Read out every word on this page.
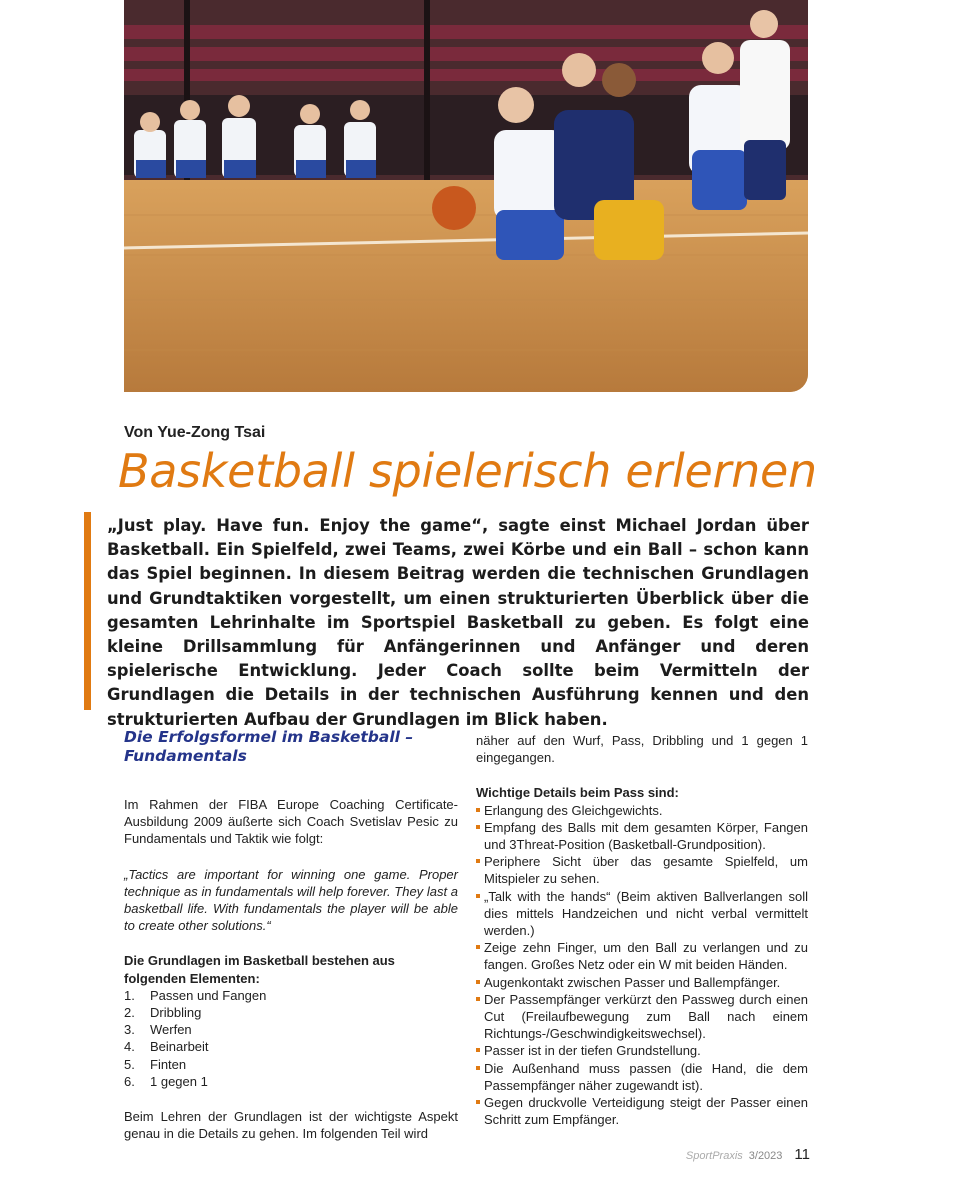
Von Yue-Zong Tsai
Basketball spielerisch erlernen
„Just play. Have fun. Enjoy the game“, sagte einst Michael Jordan über Basketball. Ein Spielfeld, zwei Teams, zwei Körbe und ein Ball – schon kann das Spiel beginnen. In diesem Beitrag werden die technischen Grundlagen und Grundtaktiken vorgestellt, um einen strukturierten Überblick über die gesamten Lehrinhalte im Sportspiel Basketball zu geben. Es folgt eine kleine Drillsammlung für Anfängerinnen und Anfänger und deren spielerische Entwicklung. Jeder Coach sollte beim Vermitteln der Grundlagen die Details in der technischen Ausführung kennen und den strukturierten Aufbau der Grundlagen im Blick haben.
Die Erfolgsformel im Basketball – Fundamentals

Im Rahmen der FIBA Europe Coaching Certificate-Ausbildung 2009 äußerte sich Coach Svetislav Pesic zu Fundamentals und Taktik wie folgt:

„Tactics are important for winning one game. Proper technique as in fundamentals will help forever. They last a basketball life. With fundamentals the player will be able to create other solutions.“

Die Grundlagen im Basketball bestehen aus folgenden Elementen:
1.	Passen und Fangen
2.	Dribbling
3.	Werfen
4.	Beinarbeit
5.	Finten
6.	1 gegen 1

Beim Lehren der Grundlagen ist der wichtigste Aspekt genau in die Details zu gehen. Im folgenden Teil wird

näher auf den Wurf, Pass, Dribbling und 1 gegen 1 eingegangen.

Wichtige Details beim Pass sind:
Erlangung des Gleichgewichts.
Empfang des Balls mit dem gesamten Körper, Fangen und 3Threat-Position (Basketball-Grundposition).
Periphere Sicht über das gesamte Spielfeld, um Mitspieler zu sehen.
„Talk with the hands“ (Beim aktiven Ballverlangen soll dies mittels Handzeichen und nicht verbal vermittelt werden.)
Zeige zehn Finger, um den Ball zu verlangen und zu fangen. Großes Netz oder ein W mit beiden Händen.
Augenkontakt zwischen Passer und Ballempfänger.
Der Passempfänger verkürzt den Passweg durch einen Cut (Freilaufbewegung zum Ball nach einem Richtungs-/Geschwindigkeitswechsel).
Passer ist in der tiefen Grundstellung.
Die Außenhand muss passen (die Hand, die dem Passempfänger näher zugewandt ist).
Gegen druckvolle Verteidigung steigt der Passer einen Schritt zum Empfänger.
SportPraxis 3/2023 11
